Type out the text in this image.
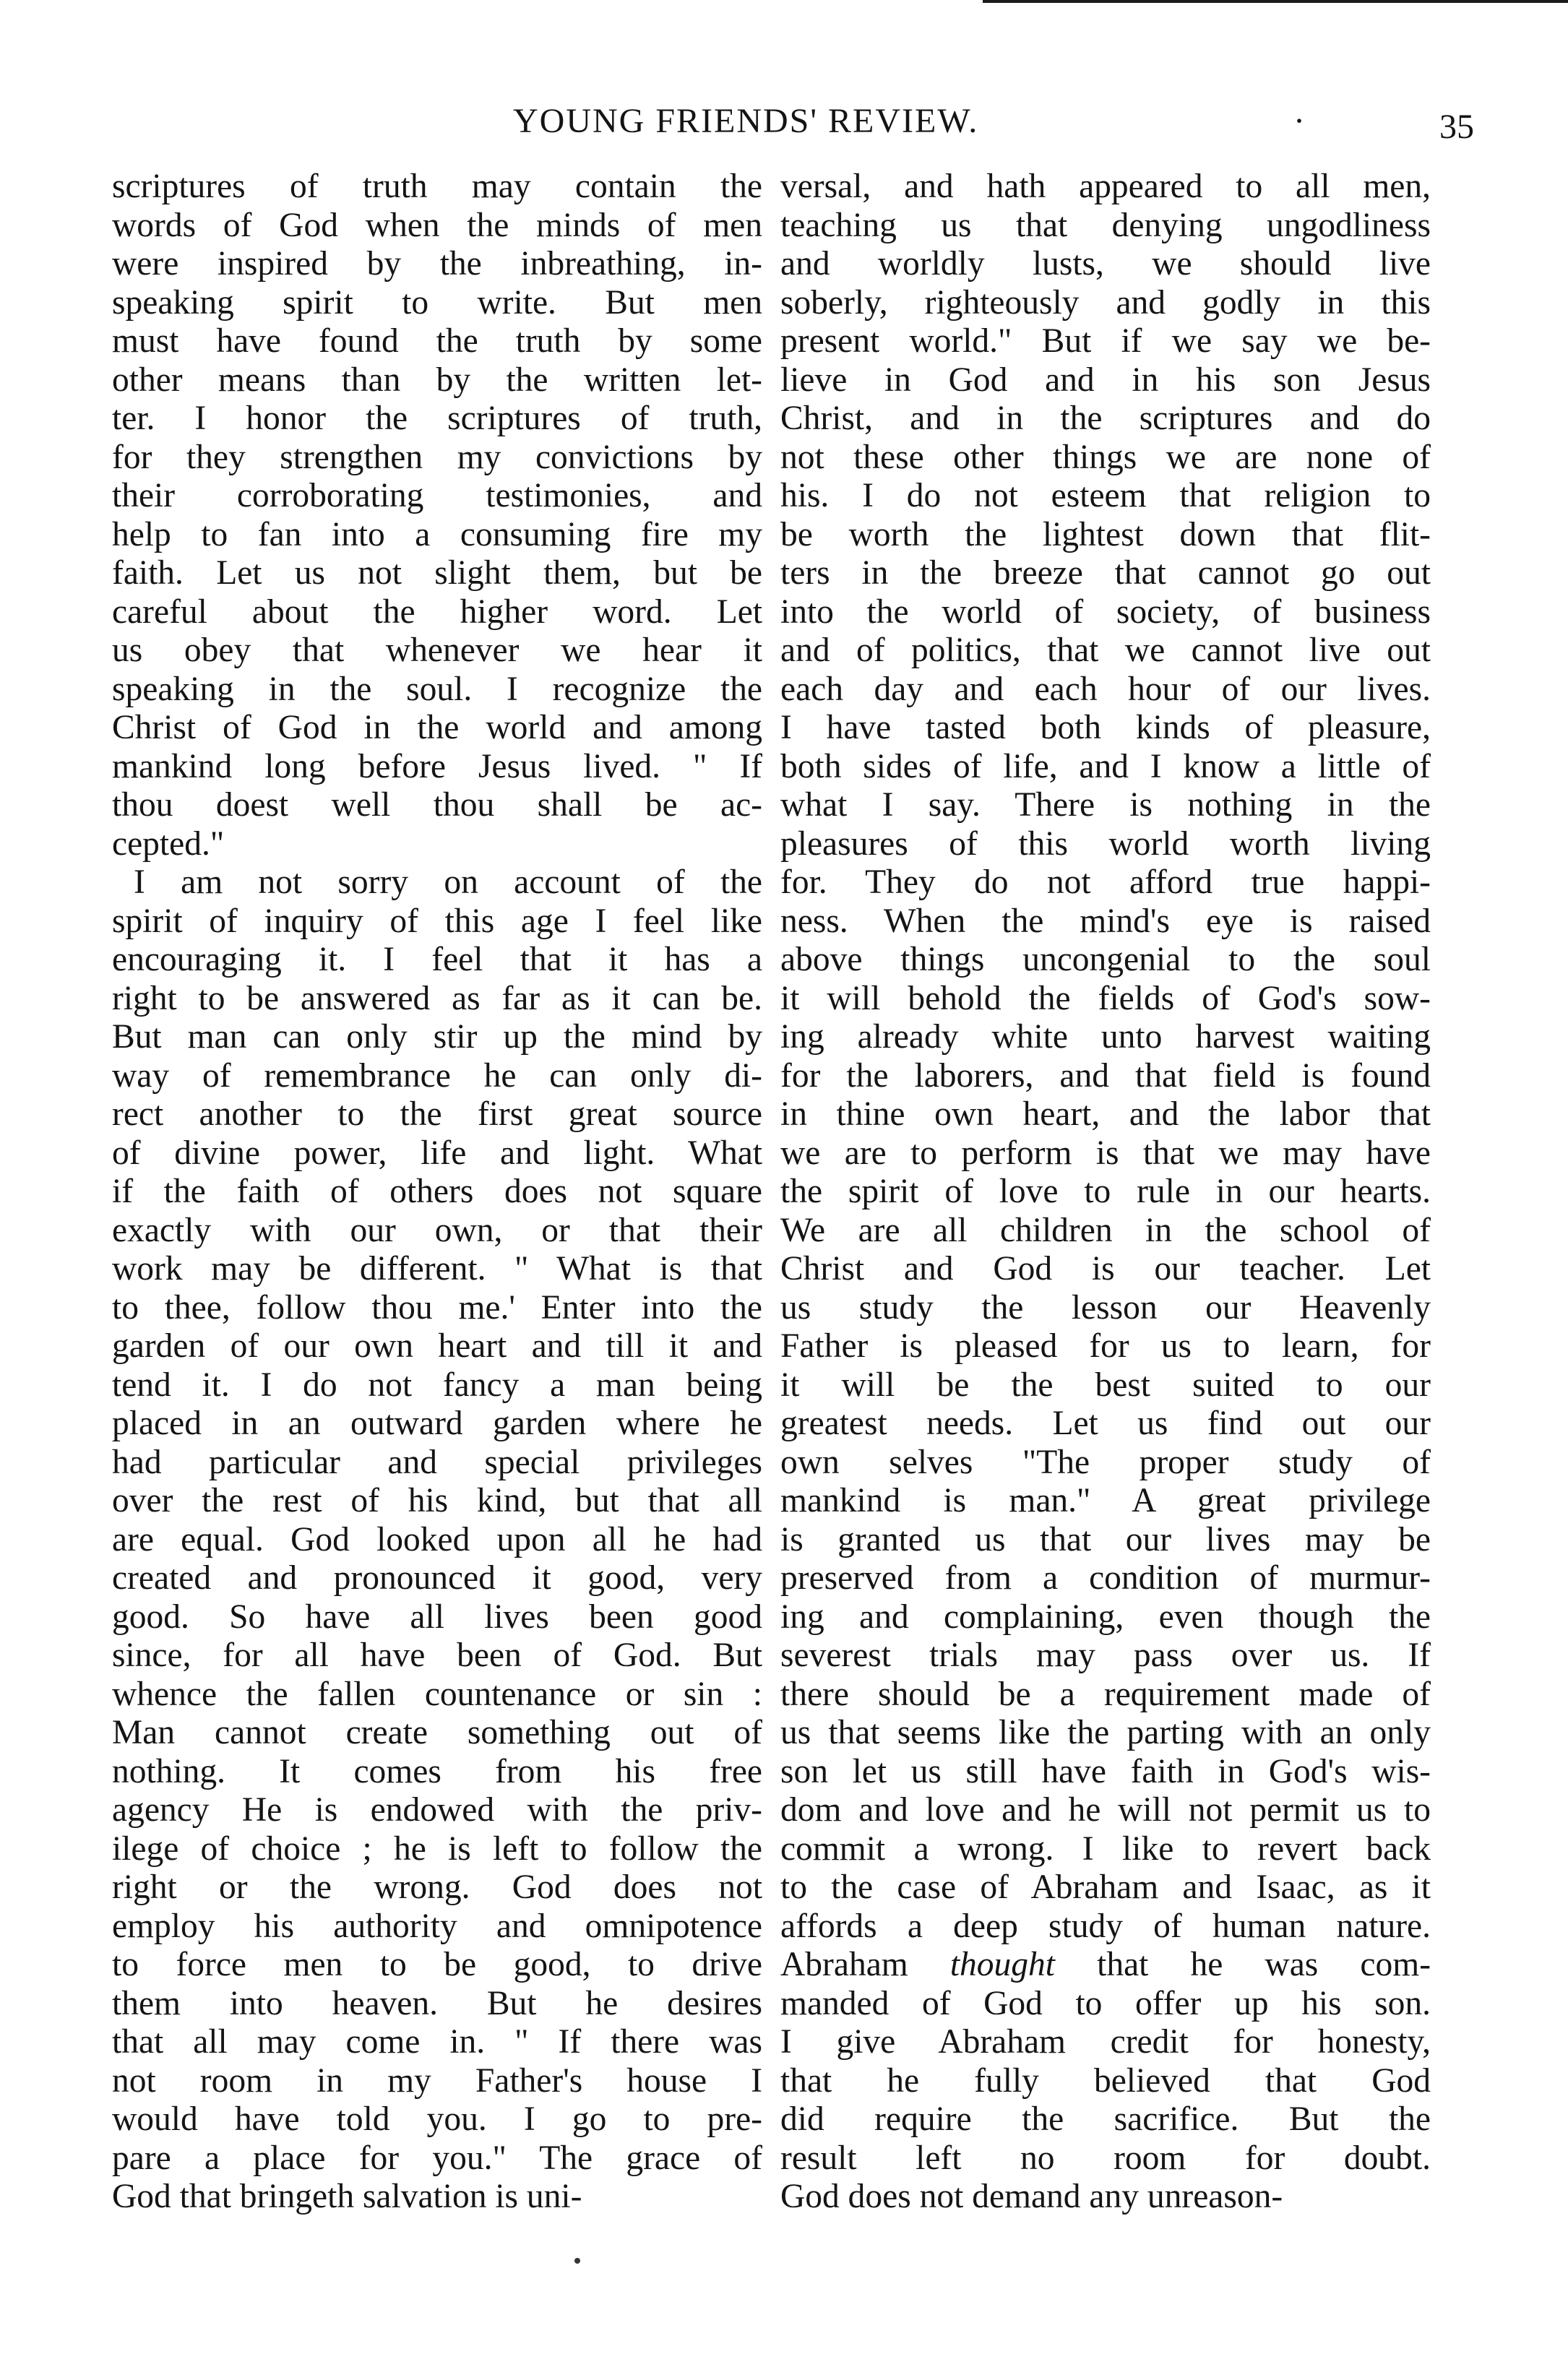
YOUNG FRIENDS' REVIEW.	·	35
scriptures of truth may contain the
words of God when the minds of men
were inspired by the inbreathing, in-
speaking spirit to write. But men
must have found the truth by some
other means than by the written let-
ter. I honor the scriptures of truth,
for they strengthen my convictions by
their corroborating testimonies, and
help to fan into a consuming fire my
faith. Let us not slight them, but be
careful about the higher word. Let
us obey that whenever we hear it
speaking in the soul. I recognize the
Christ of God in the world and among
mankind long before Jesus lived. " If
thou doest well thou shall be ac-
cepted."
I am not sorry on account of the
spirit of inquiry of this age I feel like
encouraging it. I feel that it has a
right to be answered as far as it can be.
But man can only stir up the mind by
way of remembrance he can only di-
rect another to the first great source
of divine power, life and light. What
if the faith of others does not square
exactly with our own, or that their
work may be different. " What is that
to thee, follow thou me.' Enter into the
garden of our own heart and till it and
tend it. I do not fancy a man being
placed in an outward garden where he
had particular and special privileges
over the rest of his kind, but that all
are equal. God looked upon all he had
created and pronounced it good, very
good. So have all lives been good
since, for all have been of God. But
whence the fallen countenance or sin :
Man cannot create something out of
nothing. It comes from his free
agency He is endowed with the priv-
ilege of choice ; he is left to follow the
right or the wrong. God does not
employ his authority and omnipotence
to force men to be good, to drive
them into heaven. But he desires
that all may come in. " If there was
not room in my Father's house I
would have told you. I go to pre-
pare a place for you." The grace of
God that bringeth salvation is uni-
versal, and hath appeared to all men,
teaching us that denying ungodliness
and worldly lusts, we should live
soberly, righteously and godly in this
present world." But if we say we be-
lieve in God and in his son Jesus
Christ, and in the scriptures and do
not these other things we are none of
his. I do not esteem that religion to
be worth the lightest down that flit-
ters in the breeze that cannot go out
into the world of society, of business
and of politics, that we cannot live out
each day and each hour of our lives.
I have tasted both kinds of pleasure,
both sides of life, and I know a little of
what I say. There is nothing in the
pleasures of this world worth living
for. They do not afford true happi-
ness. When the mind's eye is raised
above things uncongenial to the soul
it will behold the fields of God's sow-
ing already white unto harvest waiting
for the laborers, and that field is found
in thine own heart, and the labor that
we are to perform is that we may have
the spirit of love to rule in our hearts.
We are all children in the school of
Christ and God is our teacher. Let
us study the lesson our Heavenly
Father is pleased for us to learn, for
it will be the best suited to our
greatest needs. Let us find out our
own selves "The proper study of
mankind is man." A great privilege
is granted us that our lives may be
preserved from a condition of murmur-
ing and complaining, even though the
severest trials may pass over us. If
there should be a requirement made of
us that seems like the parting with an only
son let us still have faith in God's wis-
dom and love and he will not permit us to
commit a wrong. I like to revert back
to the case of Abraham and Isaac, as it
affords a deep study of human nature.
Abraham thought that he was com-
manded of God to offer up his son.
I give Abraham credit for honesty,
that he fully believed that God
did require the sacrifice. But the
result left no room for doubt.
God does not demand any unreason-
